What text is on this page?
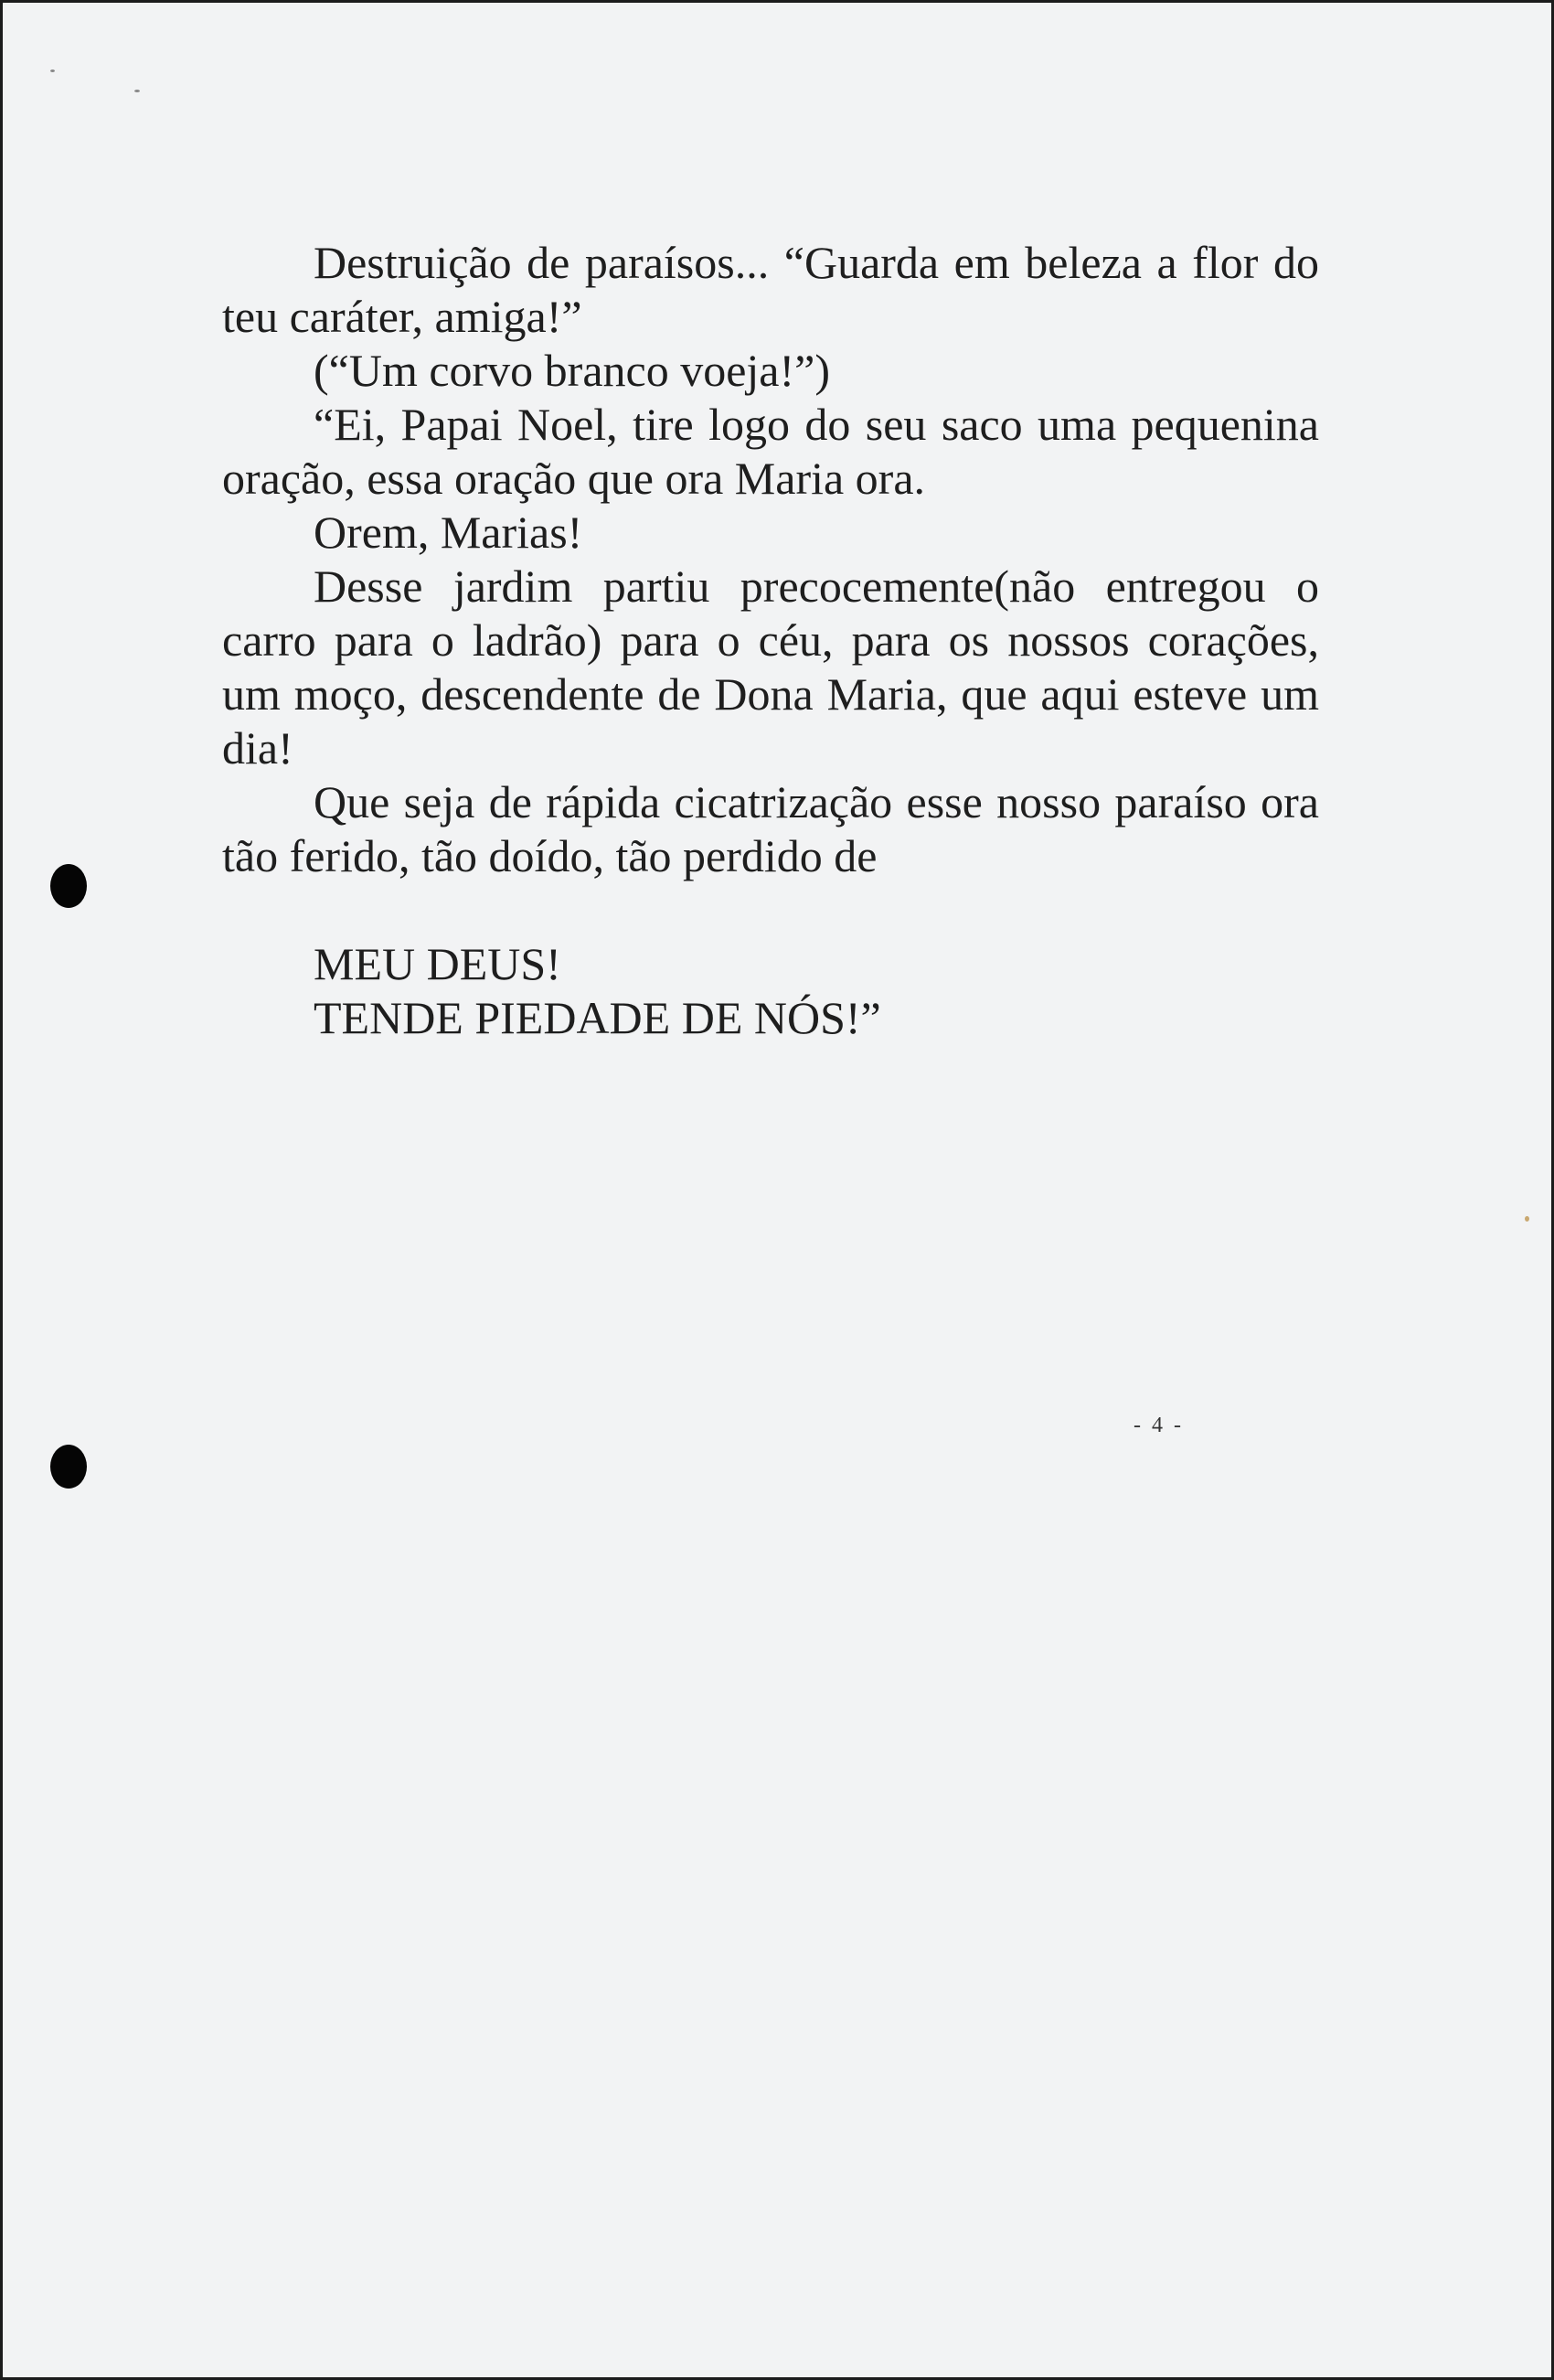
Destruição de paraísos... “Guarda em beleza a flor do teu caráter, amiga!”

(“Um corvo branco voeja!”)

“Ei, Papai Noel, tire logo do seu saco uma pequenina oração, essa oração que ora Maria ora.

Orem, Marias!

Desse jardim partiu precocemente(não entregou o carro para o ladrão) para o céu, para os nossos corações, um moço, descendente de Dona Maria, que aqui esteve um dia!

Que seja de rápida cicatrização esse nosso paraíso ora tão ferido, tão doído, tão perdido de

MEU DEUS!

TENDE PIEDADE DE NÓS!”

- 4 -
